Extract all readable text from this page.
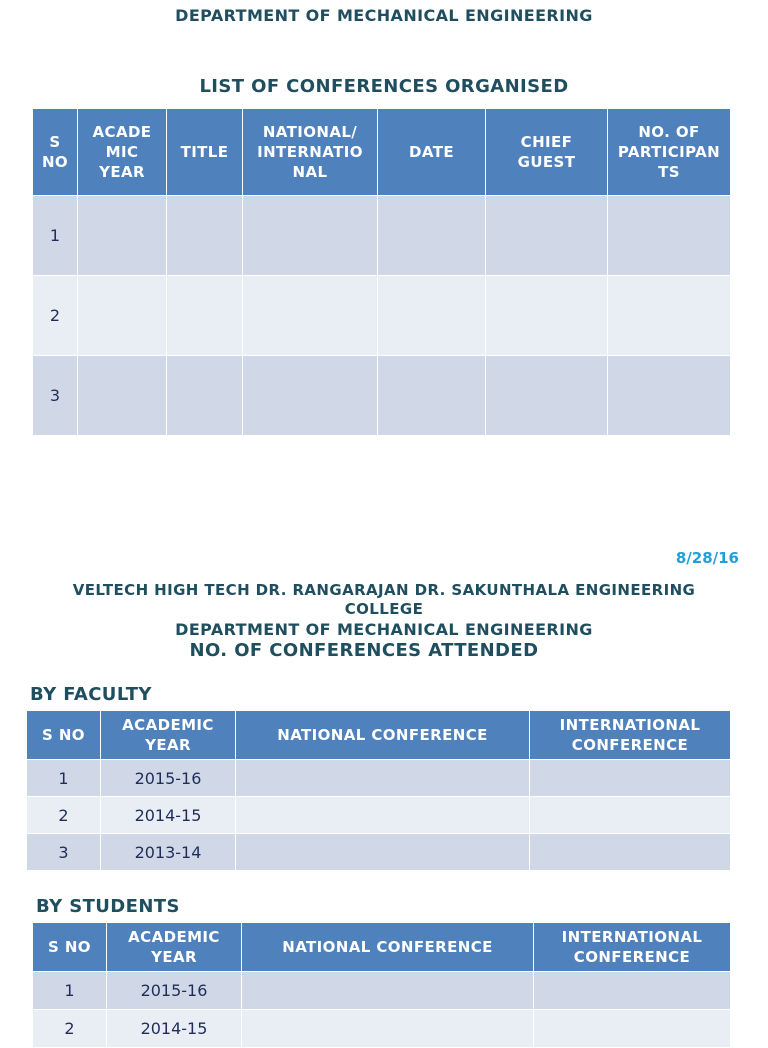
DEPARTMENT OF MECHANICAL ENGINEERING
LIST OF CONFERENCES ORGANISED
S NO	ACADE MIC YEAR	TITLE	NATIONAL/ INTERNATIO NAL	DATE	CHIEF GUEST	NO. OF PARTICIPAN TS
1						
2						
3						
8/28/16
VELTECH HIGH TECH DR. RANGARAJAN DR. SAKUNTHALA ENGINEERING
COLLEGE
DEPARTMENT OF MECHANICAL ENGINEERING
NO. OF CONFERENCES ATTENDED
BY FACULTY
S NO	ACADEMIC YEAR	NATIONAL CONFERENCE	INTERNATIONAL CONFERENCE
1	2015-16		
2	2014-15		
3	2013-14		
BY STUDENTS
S NO	ACADEMIC YEAR	NATIONAL CONFERENCE	INTERNATIONAL CONFERENCE
1	2015-16		
2	2014-15		
